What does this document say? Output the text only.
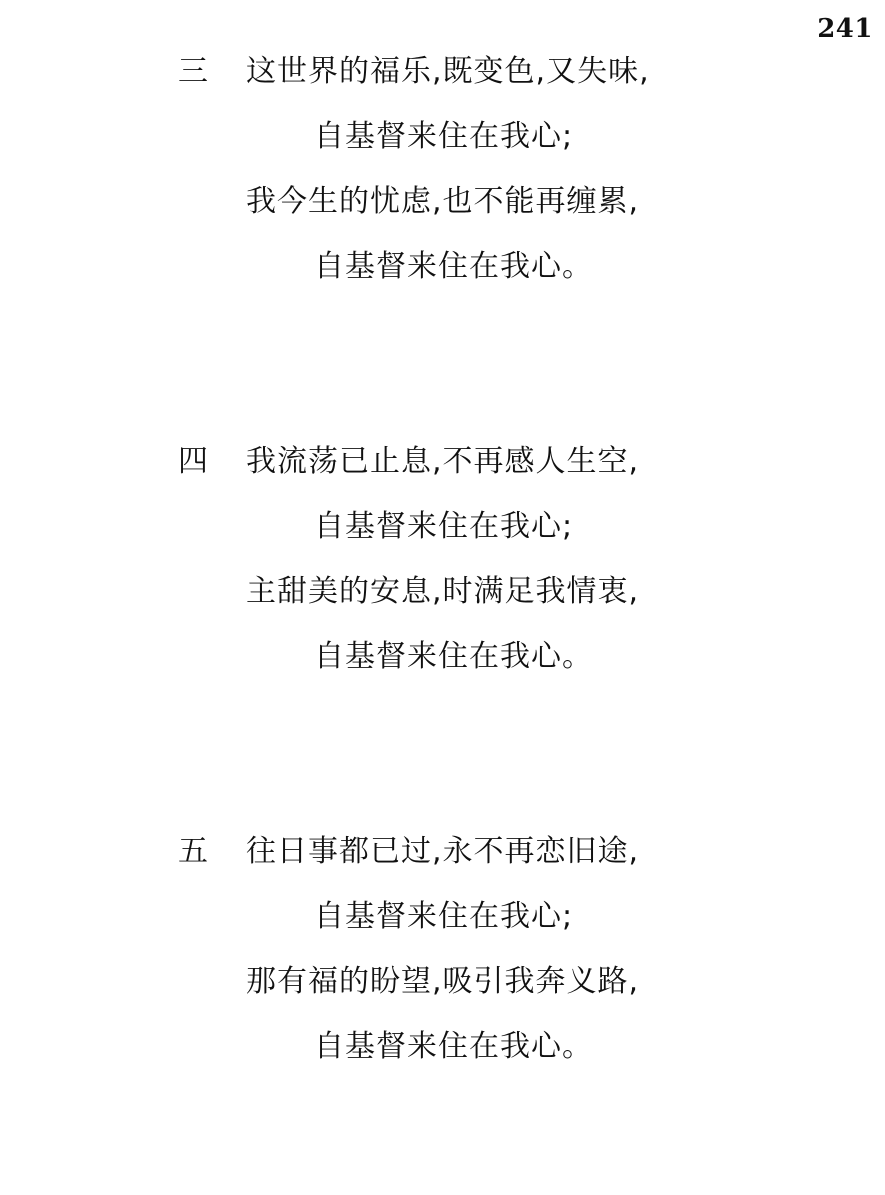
241
三 这世界的福乐,既变色,又失味,
自基督来住在我心;
我今生的忧虑,也不能再缠累,
自基督来住在我心。
四 我流荡已止息,不再感人生空,
自基督来住在我心;
主甜美的安息,时满足我情衷,
自基督来住在我心。
五 往日事都已过,永不再恋旧途,
自基督来住在我心;
那有福的盼望,吸引我奔义路,
自基督来住在我心。
